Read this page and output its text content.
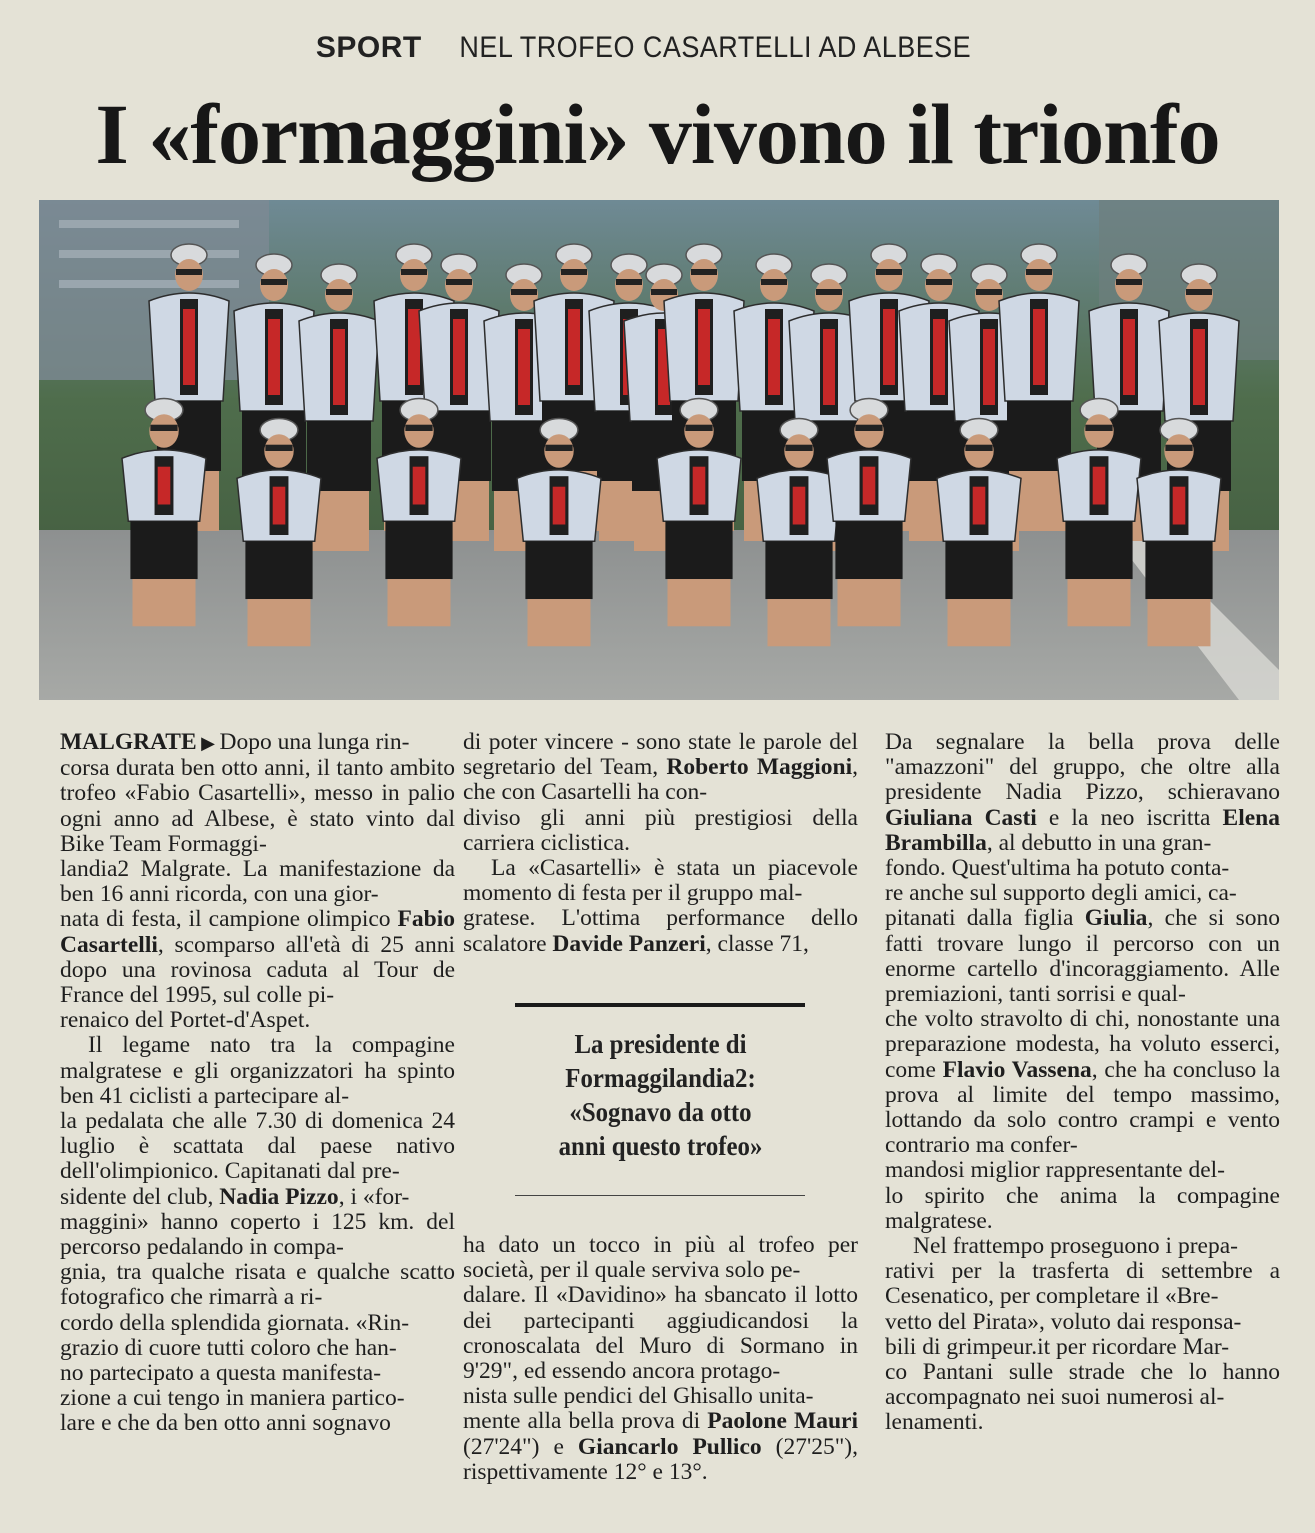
SPORT NEL TROFEO CASARTELLI AD ALBESE
I «formaggini» vivono il trionfo

MALGRATE ▶ Dopo una lunga rin-
corsa durata ben otto anni, il tanto ambito trofeo «Fabio Casartelli», messo in palio ogni anno ad Albese, è stato vinto dal Bike Team Formaggi-
landia2 Malgrate. La manifestazione da ben 16 anni ricorda, con una gior-
nata di festa, il campione olimpico Fabio Casartelli, scomparso all'età di 25 anni dopo una rovinosa caduta al Tour de France del 1995, sul colle pi-
renaico del Portet-d'Aspet.

Il legame nato tra la compagine malgratese e gli organizzatori ha spinto ben 41 ciclisti a partecipare al-
la pedalata che alle 7.30 di domenica 24 luglio è scattata dal paese nativo dell'olimpionico. Capitanati dal pre-
sidente del club, Nadia Pizzo, i «for-
maggini» hanno coperto i 125 km. del percorso pedalando in compa-
gnia, tra qualche risata e qualche scatto fotografico che rimarrà a ri-
cordo della splendida giornata. «Rin-
grazio di cuore tutti coloro che han-
no partecipato a questa manifesta-
zione a cui tengo in maniera partico-
lare e che da ben otto anni sognavo

di poter vincere - sono state le parole del segretario del Team, Roberto Maggioni, che con Casartelli ha con-
diviso gli anni più prestigiosi della carriera ciclistica.

La «Casartelli» è stata un piacevole momento di festa per il gruppo mal-
gratese. L'ottima performance dello scalatore Davide Panzeri, classe 71,

La presidente di
Formaggilandia2:
«Sognavo da otto
anni questo trofeo»

ha dato un tocco in più al trofeo per società, per il quale serviva solo pe-
dalare. Il «Davidino» ha sbancato il lotto dei partecipanti aggiudicandosi la cronoscalata del Muro di Sormano in 9'29", ed essendo ancora protago-
nista sulle pendici del Ghisallo unita-
mente alla bella prova di Paolone Mauri (27'24") e Giancarlo Pullico (27'25"), rispettivamente 12° e 13°.

Da segnalare la bella prova delle "amazzoni" del gruppo, che oltre alla presidente Nadia Pizzo, schieravano Giuliana Casti e la neo iscritta Elena Brambilla, al debutto in una gran-
fondo. Quest'ultima ha potuto conta-
re anche sul supporto degli amici, ca-
pitanati dalla figlia Giulia, che si sono fatti trovare lungo il percorso con un enorme cartello d'incoraggiamento. Alle premiazioni, tanti sorrisi e qual-
che volto stravolto di chi, nonostante una preparazione modesta, ha voluto esserci, come Flavio Vassena, che ha concluso la prova al limite del tempo massimo, lottando da solo contro crampi e vento contrario ma confer-
mandosi miglior rappresentante del-
lo spirito che anima la compagine malgratese.

Nel frattempo proseguono i prepa-
rativi per la trasferta di settembre a Cesenatico, per completare il «Bre-
vetto del Pirata», voluto dai responsa-
bili di grimpeur.it per ricordare Mar-
co Pantani sulle strade che lo hanno accompagnato nei suoi numerosi al-
lenamenti.
